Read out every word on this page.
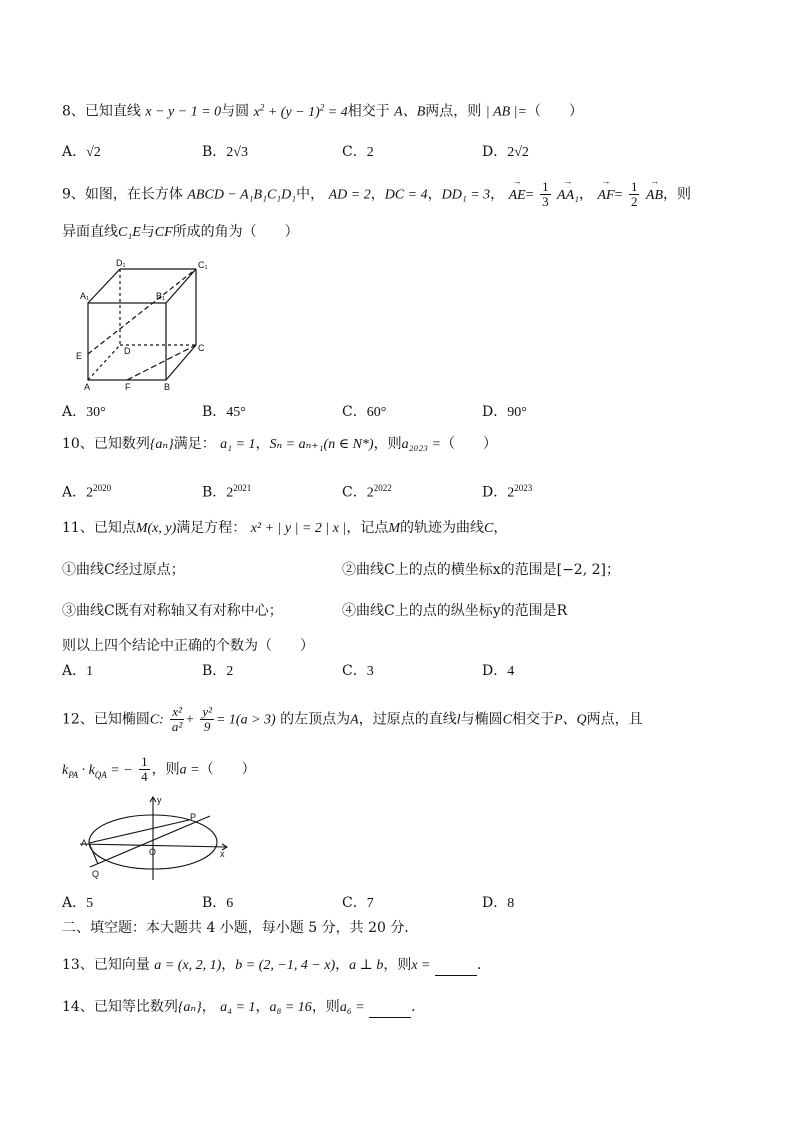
8、已知直线 x − y − 1 = 0与圆 $x^2 + (y - 1)^2 = 4$相交于 A、B两点，则 | AB |=（　　）
A．√2	B．2√3	C．2	D．2√2
9、如图，在长方体 ABCD − A₁B₁C₁D₁中， AD = 2，DC = 4，DD₁ = 3，
→
$AE= \frac{1}{3}$
	→
AA₁，
→
$AF= \frac{1}{2}$
	→
AB，则
异面直线C₁E与CF所成的角为（　　）
D₁	C₁
A₁	B₁
E	D	C
A	F	B
A．30°	B．45°	C．60°	D．90°
10、已知数列{aₙ}满足： a₁ = 1，Sₙ = aₙ₊₁(n ∈ N*)，则a₂₀₂₃ =（　　）
A．$2^{2020}$	B．$2^{2021}$	C．$2^{2022}$	D．$2^{2023}$
11、已知点M(x, y)满足方程： x² + | y | = 2 | x |，记点M的轨迹为曲线C，
①曲线C经过原点；	②曲线C上的点的横坐标x的范围是[−2, 2]；
③曲线C既有对称轴又有对称中心；	④曲线C上的点的纵坐标y的范围是R
则以上四个结论中正确的个数为（　　）
A．1	B．2	C．3	D．4
12、已知椭圆C: $\frac{\text{x²}}{\text{a²}} + \frac{\text{y²}}{9} = 1(a > 3)$ 的左顶点为A，过原点的直线l与椭圆C相交于P、Q两点，且
$k_{PA} \cdot k_{QA}$ = − $\frac{1}{4}$ ，则a =（　　）
y
x
A
P
Q
O
A．5	B．6	C．7	D．8
二、填空题：本大题共 4 小题，每小题 5 分，共 20 分．
13、已知向量 a = (x, 2, 1)，b = (2, −1, 4 − x)，a ⊥ b，则x =	．
14、已知等比数列{aₙ}， a₄ = 1，a₈ = 16，则a₆ =	．
